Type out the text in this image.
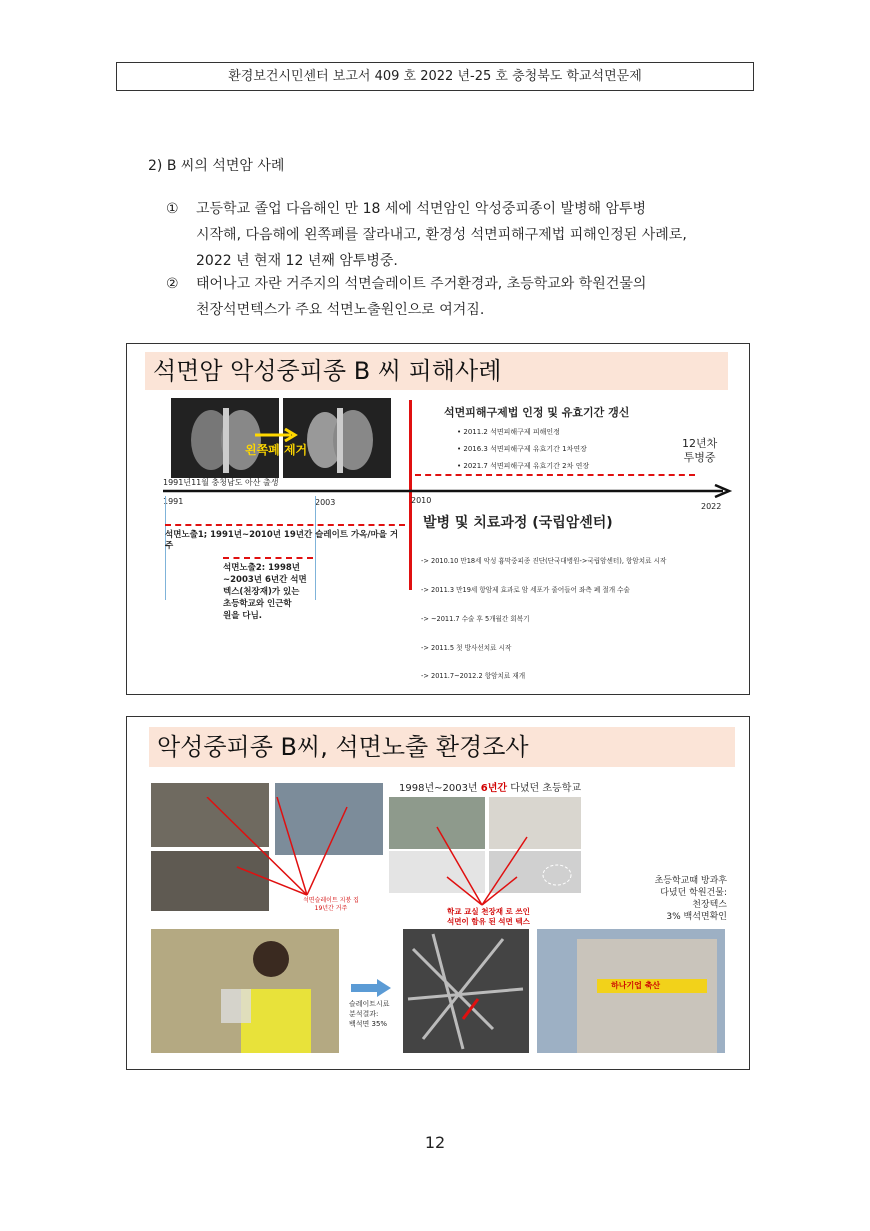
환경보건시민센터 보고서 409 호 2022 년-25 호 충청북도 학교석면문제
2) B 씨의 석면암 사례
① 고등학교 졸업 다음해인 만 18 세에 석면암인 악성중피종이 발병해 암투병
시작해, 다음해에 왼쪽폐를 잘라내고, 환경성 석면피해구제법 피해인정된 사례로,
2022 년 현재 12 년째 암투병중.
② 태어나고 자란 거주지의 석면슬레이트 주거환경과, 초등학교와 학원건물의
천장석면텍스가 주요 석면노출원인으로 여겨짐.
석면암 악성중피종 B 씨 피해사례
왼쪽폐 제거
석면피해구제법 인정 및 유효기간 갱신
• 2011.2 석면피해구제 피해인정
• 2016.3 석면피해구제 유효기간 1차연장
• 2021.7 석면피해구제 유효기간 2차 연장
12년차
투병중
1991년11월 충청남도 아산 출생
1991	2003	2010
2022
석면노출1; 1991년~2010년 19년간 슬레이트 가옥/마을 거주
석면노출2: 1998년
~2003년 6년간 석면
텍스(천장재)가 있는
초등학교와 인근학
원을 다님.
발병 및 치료과정 (국립암센터)

-> 2010.10 만18세 악성 흉막중피종 진단(단국대병원->국립암센터), 항암치료 시작

-> 2011.3 만19세 항암제 효과로 암 세포가 줄어들어 좌측 폐 절개 수술

-> ~2011.7 수술 후 5개월간 회복기

-> 2011.5 첫 방사선치료 시작

-> 2011.7~2012.2 항암치료 재개

악성중피종 B씨, 석면노출 환경조사
석면슬레이트 지붕 집
19년간 거주
1998년~2003년 6년간 다녔던 초등학교
학교 교실 천장재 로 쓰인
석면이 함유 된 석면 텍스
초등학교때 방과후
다녔던 학원건물:
천장텍스
3% 백석면확인
슬레이트시료
분석결과:
백석면 35%
하나기업 축산
12
